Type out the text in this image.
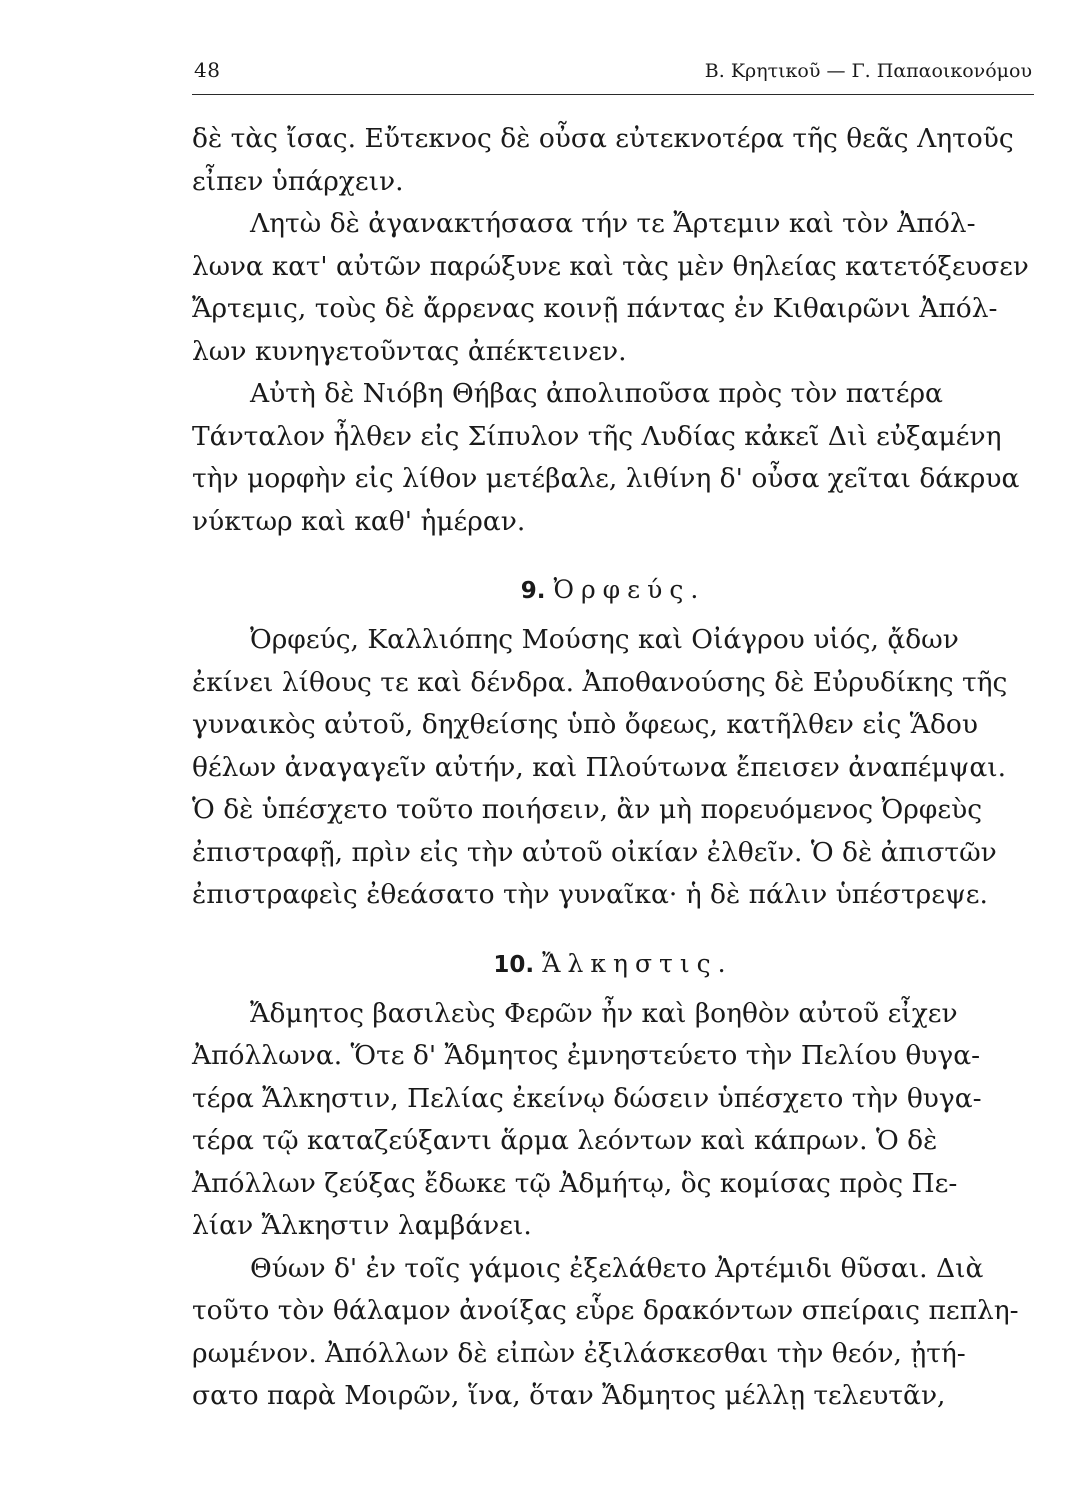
48	Β. Κρητικοῦ — Γ. Παπαοικονόμου
δὲ τὰς ἴσας. Εὔτεκνος δὲ οὖσα εὐτεκνοτέρα τῆς θεᾶς Λητοῦς
εἶπεν ὑπάρχειν.
Λητὼ δὲ ἀγανακτήσασα τήν τε Ἄρτεμιν καὶ τὸν Ἀπόλ-
λωνα κατ' αὐτῶν παρώξυνε καὶ τὰς μὲν θηλείας κατετόξευσεν
Ἄρτεμις, τοὺς δὲ ἄρρενας κοινῇ πάντας ἐν Κιθαιρῶνι Ἀπόλ-
λων κυνηγετοῦντας ἀπέκτεινεν.
Αὐτὴ δὲ Νιόβη Θήβας ἀπολιποῦσα πρὸς τὸν πατέρα
Τάνταλον ἦλθεν εἰς Σίπυλον τῆς Λυδίας κἀκεῖ Διὶ εὐξαμένη
τὴν μορφὴν εἰς λίθον μετέβαλε, λιθίνη δ' οὖσα χεῖται δάκρυα
νύκτωρ καὶ καθ' ἡμέραν.
9. Ὀρφεύς.
Ὀρφεύς, Καλλιόπης Μούσης καὶ Οἰάγρου υἱός, ᾄδων
ἐκίνει λίθους τε καὶ δένδρα. Ἀποθανούσης δὲ Εὐρυδίκης τῆς
γυναικὸς αὐτοῦ, δηχθείσης ὑπὸ ὄφεως, κατῆλθεν εἰς Ἅδου
θέλων ἀναγαγεῖν αὐτήν, καὶ Πλούτωνα ἔπεισεν ἀναπέμψαι.
Ὁ δὲ ὑπέσχετο τοῦτο ποιήσειν, ἂν μὴ πορευόμενος Ὀρφεὺς
ἐπιστραφῇ, πρὶν εἰς τὴν αὐτοῦ οἰκίαν ἐλθεῖν. Ὁ δὲ ἀπιστῶν
ἐπιστραφεὶς ἐθεάσατο τὴν γυναῖκα· ἡ δὲ πάλιν ὑπέστρεψε.
10. Ἄλκηστις.
Ἄδμητος βασιλεὺς Φερῶν ἦν καὶ βοηθὸν αὐτοῦ εἶχεν
Ἀπόλλωνα. Ὅτε δ' Ἄδμητος ἐμνηστεύετο τὴν Πελίου θυγα-
τέρα Ἄλκηστιν, Πελίας ἐκείνῳ δώσειν ὑπέσχετο τὴν θυγα-
τέρα τῷ καταζεύξαντι ἅρμα λεόντων καὶ κάπρων. Ὁ δὲ
Ἀπόλλων ζεύξας ἔδωκε τῷ Ἀδμήτῳ, ὃς κομίσας πρὸς Πε-
λίαν Ἄλκηστιν λαμβάνει.
Θύων δ' ἐν τοῖς γάμοις ἐξελάθετο Ἀρτέμιδι θῦσαι. Διὰ
τοῦτο τὸν θάλαμον ἀνοίξας εὗρε δρακόντων σπείραις πεπλη-
ρωμένον. Ἀπόλλων δὲ εἰπὼν ἐξιλάσκεσθαι τὴν θεόν, ᾐτή-
σατο παρὰ Μοιρῶν, ἵνα, ὅταν Ἄδμητος μέλλῃ τελευτᾶν,
